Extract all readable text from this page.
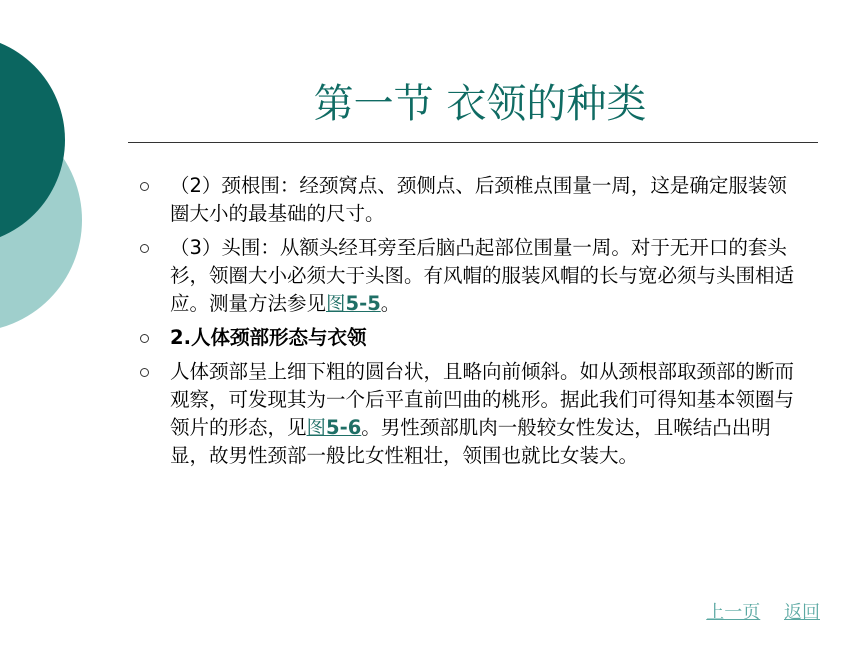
第一节 衣领的种类
（2）颈根围：经颈窝点、颈侧点、后颈椎点围量一周，这是确定服装领圈大小的最基础的尺寸。
（3）头围：从额头经耳旁至后脑凸起部位围量一周。对于无开口的套头衫，领圈大小必须大于头图。有风帽的服装风帽的长与宽必须与头围相适应。测量方法参见图5-5。
2.人体颈部形态与衣领
人体颈部呈上细下粗的圆台状，且略向前倾斜。如从颈根部取颈部的断而观察，可发现其为一个后平直前凹曲的桃形。据此我们可得知基本领圈与领片的形态，见图5-6。男性颈部肌肉一般较女性发达，且喉结凸出明显，故男性颈部一般比女性粗壮，领围也就比女装大。
上一页 返回
